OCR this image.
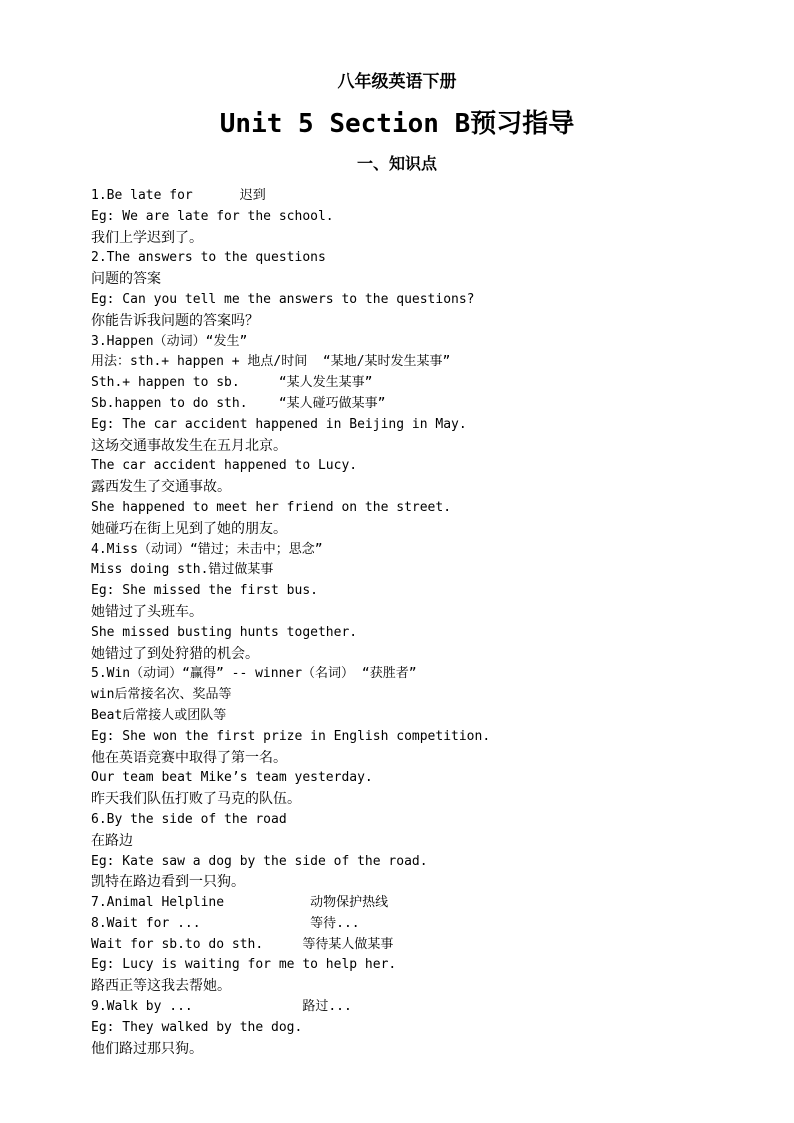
八年级英语下册
Unit 5 Section B预习指导
一、知识点
1.Be late for      迟到
Eg: We are late for the school.
我们上学迟到了。
2.The answers to the questions
问题的答案
Eg: Can you tell me the answers to the questions?
你能告诉我问题的答案吗？
3.Happen（动词）“发生”
用法：sth.+ happen + 地点/时间  “某地/某时发生某事”
Sth.+ happen to sb.     “某人发生某事”
Sb.happen to do sth.    “某人碰巧做某事”
Eg: The car accident happened in Beijing in May.
这场交通事故发生在五月北京。
The car accident happened to Lucy.
露西发生了交通事故。
She happened to meet her friend on the street.
她碰巧在街上见到了她的朋友。
4.Miss（动词）“错过；未击中；思念”
Miss doing sth.错过做某事
Eg: She missed the first bus.
她错过了头班车。
She missed busting hunts together.
她错过了到处狩猎的机会。
5.Win（动词）“赢得” -- winner（名词） “获胜者”
win后常接名次、奖品等
Beat后常接人或团队等
Eg: She won the first prize in English competition.
他在英语竞赛中取得了第一名。
Our team beat Mike’s team yesterday.
昨天我们队伍打败了马克的队伍。
6.By the side of the road
在路边
Eg: Kate saw a dog by the side of the road.
凯特在路边看到一只狗。
7.Animal Helpline           动物保护热线
8.Wait for ...              等待...
Wait for sb.to do sth.     等待某人做某事
Eg: Lucy is waiting for me to help her.
路西正等这我去帮她。
9.Walk by ...              路过...
Eg: They walked by the dog.
他们路过那只狗。
